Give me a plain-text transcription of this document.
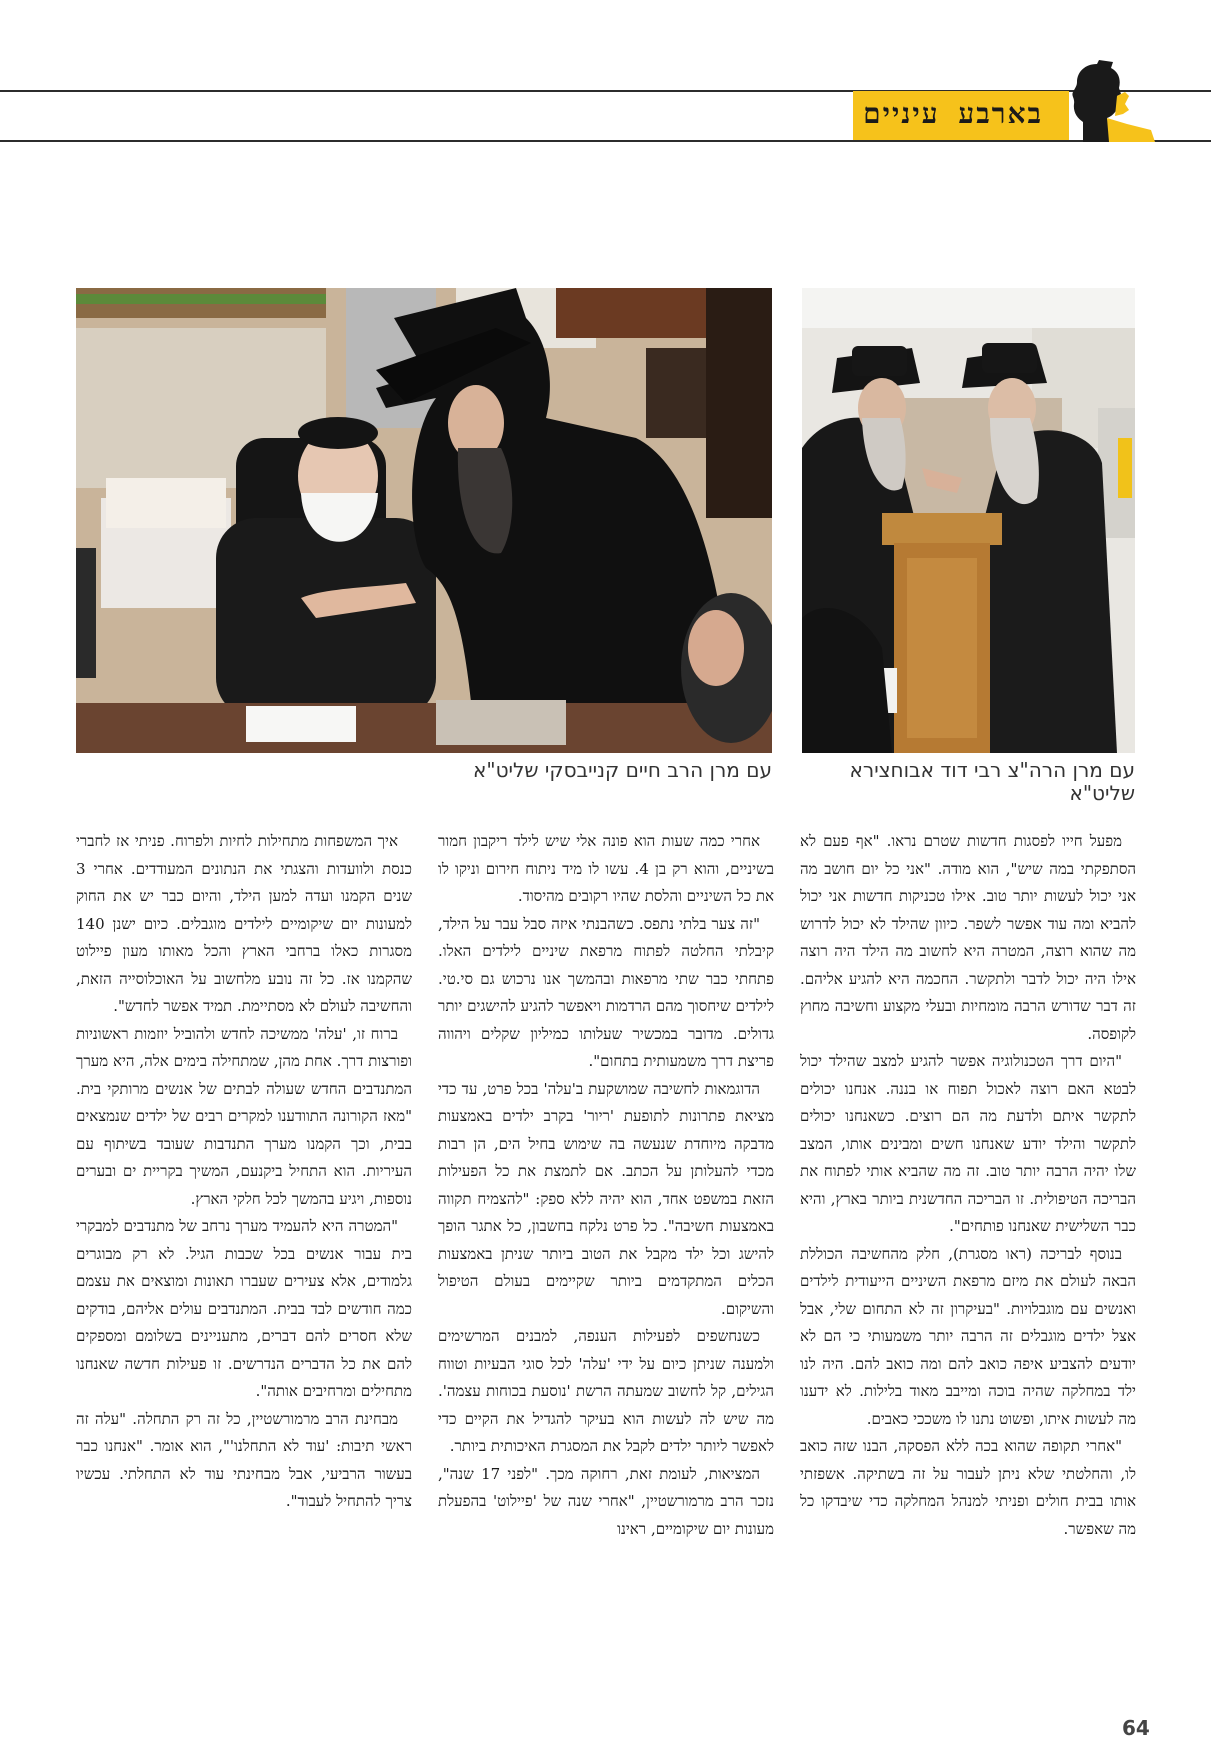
בארבע עיניים
עם מרן הרב חיים קנייבסקי שליט"א	עם מרן הרה"צ רבי דוד אבוחצירא שליט"א

מפעל חייו לפסגות חדשות שטרם נראו. "אף פעם לא הסתפקתי במה שיש", הוא מודה. "אני כל יום חושב מה אני יכול לעשות יותר טוב. אילו טכניקות חדשות אני יכול להביא ומה עוד אפשר לשפר. כיוון שהילד לא יכול לדרוש מה שהוא רוצה, המטרה היא לחשוב מה הילד היה רוצה אילו היה יכול לדבר ולתקשר. החכמה היא להגיע אליהם. זה דבר שדורש הרבה מומחיות ובעלי מקצוע וחשיבה מחוץ לקופסה.

"היום דרך הטכנולוגיה אפשר להגיע למצב שהילד יכול לבטא האם רוצה לאכול תפוח או בננה. אנחנו יכולים לתקשר איתם ולדעת מה הם רוצים. כשאנחנו יכולים לתקשר והילד יודע שאנחנו חשים ומבינים אותו, המצב שלו יהיה הרבה יותר טוב. זה מה שהביא אותי לפתוח את הבריכה הטיפולית. זו הבריכה החדשנית ביותר בארץ, והיא כבר השלישית שאנחנו פותחים".

בנוסף לבריכה (ראו מסגרת), חלק מהחשיבה הכוללת הבאה לעולם את מיזם מרפאת השיניים הייעודית לילדים ואנשים עם מוגבלויות. "בעיקרון זה לא התחום שלי, אבל אצל ילדים מוגבלים זה הרבה יותר משמעותי כי הם לא יודעים להצביע איפה כואב להם ומה כואב להם. היה לנו ילד במחלקה שהיה בוכה ומייבב מאוד בלילות. לא ידענו מה לעשות איתו, ופשוט נתנו לו משככי כאבים.

"אחרי תקופה שהוא בכה ללא הפסקה, הבנו שזה כואב לו, והחלטתי שלא ניתן לעבור על זה בשתיקה. אשפזתי אותו בבית חולים ופניתי למנהל המחלקה כדי שיבדקו כל מה שאפשר.

אחרי כמה שעות הוא פונה אלי שיש לילד ריקבון חמור בשיניים, והוא רק בן 4. עשו לו מיד ניתוח חירום וניקו לו את כל השיניים והלסת שהיו רקובים מהיסוד.

"זה צער בלתי נתפס. כשהבנתי איזה סבל עבר על הילד, קיבלתי החלטה לפתוח מרפאת שיניים לילדים האלו. פתחתי כבר שתי מרפאות ובהמשך אנו נרכוש גם סי.טי. לילדים שיחסוך מהם הרדמות ויאפשר להגיע להישגים יותר גדולים. מדובר במכשיר שעלותו כמיליון שקלים ויהווה פריצת דרך משמעותית בתחום".

הדוגמאות לחשיבה שמושקעת ב'עלה' בכל פרט, עד כדי מציאת פתרונות לתופעת 'ריור' בקרב ילדים באמצעות מדבקה מיוחדת שנעשה בה שימוש בחיל הים, הן רבות מכדי להעלותן על הכתב. אם לתמצת את כל הפעילות הזאת במשפט אחד, הוא יהיה ללא ספק: "להצמיח תקווה באמצעות חשיבה". כל פרט נלקח בחשבון, כל אתגר הופך להישג וכל ילד מקבל את הטוב ביותר שניתן באמצעות הכלים המתקדמים ביותר שקיימים בעולם הטיפול והשיקום.

כשנחשפים לפעילות הענפה, למבנים המרשימים ולמענה שניתן כיום על ידי 'עלה' לכל סוגי הבעיות וטווח הגילים, קל לחשוב שמעתה הרשת 'נוסעת בכוחות עצמה'. מה שיש לה לעשות הוא בעיקר להגדיל את הקיים כדי לאפשר ליותר ילדים לקבל את המסגרת האיכותית ביותר.

המציאות, לעומת זאת, רחוקה מכך. "לפני 17 שנה", נזכר הרב מרמורשטיין, "אחרי שנה של 'פיילוט' בהפעלת מעונות יום שיקומיים, ראינו

איך המשפחות מתחילות לחיות ולפרוח. פניתי אז לחברי כנסת ולוועדות והצגתי את הנתונים המעודדים. אחרי 3 שנים הקמנו ועדה למען הילד, והיום כבר יש את החוק למעונות יום שיקומיים לילדים מוגבלים. כיום ישנן 140 מסגרות כאלו ברחבי הארץ והכל מאותו מעון פיילוט שהקמנו אז. כל זה נובע מלחשוב על האוכלוסייה הזאת, והחשיבה לעולם לא מסתיימת. תמיד אפשר לחדש".

ברוח זו, 'עלה' ממשיכה לחדש ולהוביל יוזמות ראשוניות ופורצות דרך. אחת מהן, שמתחילה בימים אלה, היא מערך המתנדבים החדש שעולה לבתים של אנשים מרותקי בית. "מאז הקורונה התוודענו למקרים רבים של ילדים שנמצאים בבית, וכך הקמנו מערך התנדבות שעובד בשיתוף עם העיריות. הוא התחיל ביקנעם, המשיך בקריית ים ובערים נוספות, ויגיע בהמשך לכל חלקי הארץ.

"המטרה היא להעמיד מערך נרחב של מתנדבים למבקרי בית עבור אנשים בכל שכבות הגיל. לא רק מבוגרים גלמודים, אלא צעירים שעברו תאונות ומוצאים את עצמם כמה חודשים לבד בבית. המתנדבים עולים אליהם, בודקים שלא חסרים להם דברים, מתעניינים בשלומם ומספקים להם את כל הדברים הנדרשים. זו פעילות חדשה שאנחנו מתחילים ומרחיבים אותה".

מבחינת הרב מרמורשטיין, כל זה רק התחלה. "עלה זה ראשי תיבות: 'עוד לא התחלנו'", הוא אומר. "אנחנו כבר בעשור הרביעי, אבל מבחינתי עוד לא התחלתי. עכשיו צריך להתחיל לעבוד".

64
